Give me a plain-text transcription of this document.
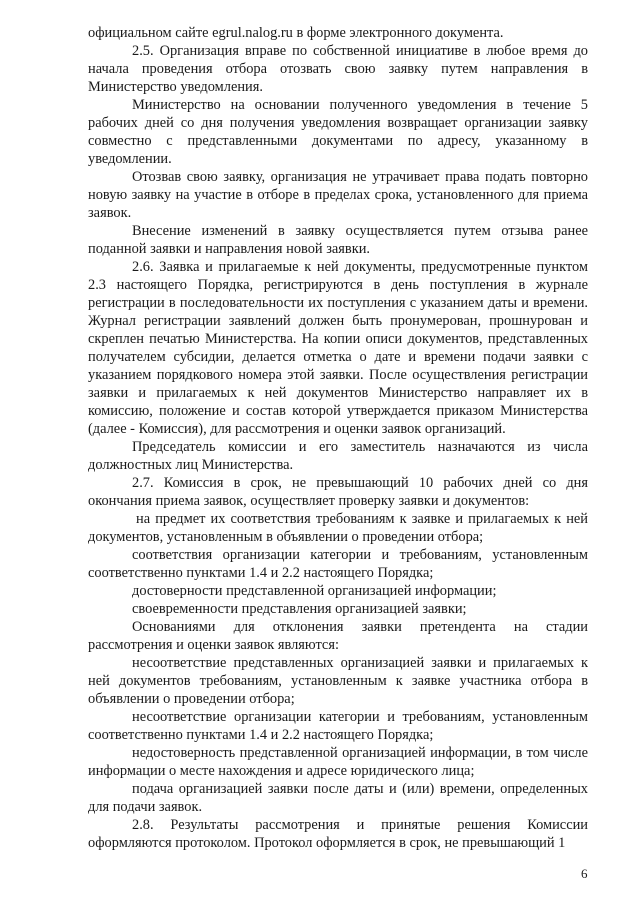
официальном сайте egrul.nalog.ru в форме электронного документа.

2.5. Организация вправе по собственной инициативе в любое время до начала проведения отбора отозвать свою заявку путем направления в Министерство уведомления.

Министерство на основании полученного уведомления в течение 5 рабочих дней со дня получения уведомления возвращает организации заявку совместно с представленными документами по адресу, указанному в уведомлении.

Отозвав свою заявку, организация не утрачивает права подать повторно новую заявку на участие в отборе в пределах срока, установленного для приема заявок.

Внесение изменений в заявку осуществляется путем отзыва ранее поданной заявки и направления новой заявки.

2.6. Заявка и прилагаемые к ней документы, предусмотренные пунктом 2.3 настоящего Порядка, регистрируются в день поступления в журнале регистрации в последовательности их поступления с указанием даты и времени. Журнал регистрации заявлений должен быть пронумерован, прошнурован и скреплен печатью Министерства. На копии описи документов, представленных получателем субсидии, делается отметка о дате и времени подачи заявки с указанием порядкового номера этой заявки. После осуществления регистрации заявки и прилагаемых к ней документов Министерство направляет их в комиссию, положение и состав которой утверждается приказом Министерства (далее - Комиссия), для рассмотрения и оценки заявок организаций.

Председатель комиссии и его заместитель назначаются из числа должностных лиц Министерства.

2.7. Комиссия в срок, не превышающий 10 рабочих дней со дня окончания приема заявок, осуществляет проверку заявки и документов:

на предмет их соответствия требованиям к заявке и прилагаемых к ней документов, установленным в объявлении о проведении отбора;

соответствия организации категории и требованиям, установленным соответственно пунктами 1.4 и 2.2 настоящего Порядка;

достоверности представленной организацией информации;

своевременности представления организацией заявки;

Основаниями для отклонения заявки претендента на стадии рассмотрения и оценки заявок являются:

несоответствие представленных организацией заявки и прилагаемых к ней документов требованиям, установленным к заявке участника отбора в объявлении о проведении отбора;

несоответствие организации категории и требованиям, установленным соответственно пунктами 1.4 и 2.2 настоящего Порядка;

недостоверность представленной организацией информации, в том числе информации о месте нахождения и адресе юридического лица;

подача организацией заявки после даты и (или) времени, определенных для подачи заявок.

2.8. Результаты рассмотрения и принятые решения Комиссии оформляются протоколом. Протокол оформляется в срок, не превышающий 1

6
